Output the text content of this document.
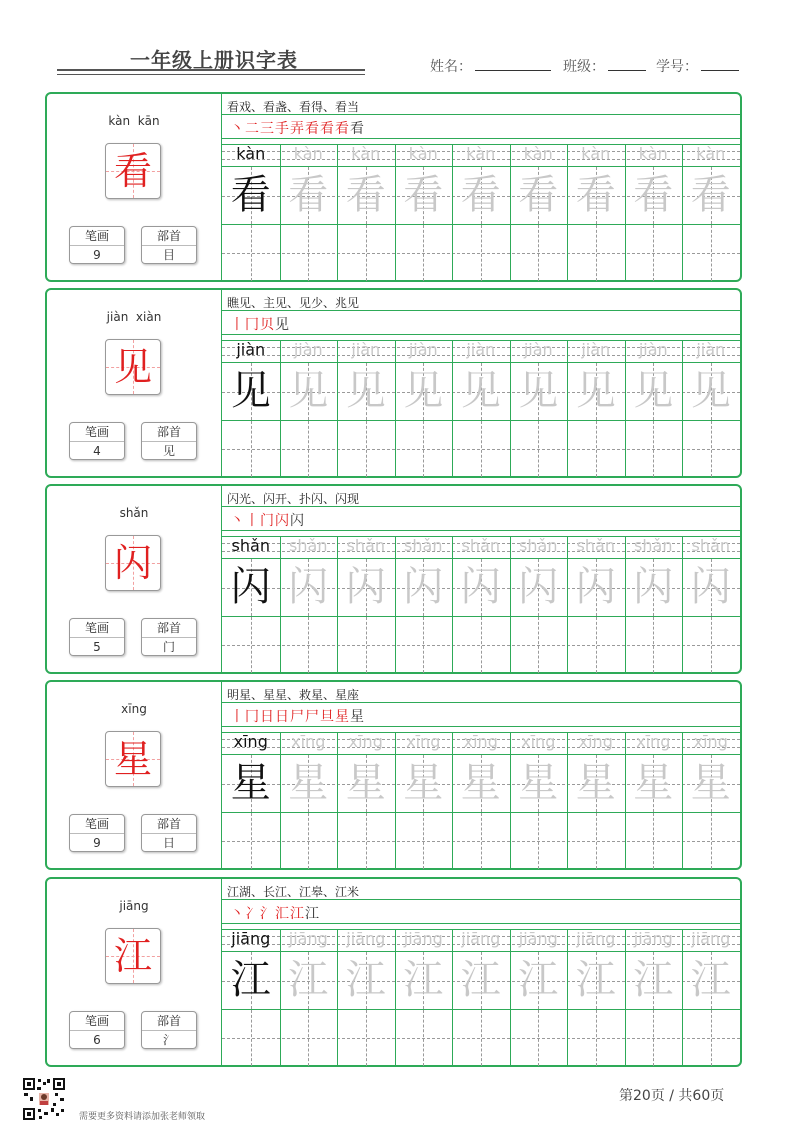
一年级上册识字表	姓名：	班级：	学号：
kàn  kān
看
笔画
9
部首
目
看戏、看盏、看得、看当
丶二三手弄看看看看
kàn	kàn	kàn	kàn	kàn	kàn	kàn	kàn	kàn
看 看 看 看 看 看 看 看 看
jiàn  xiàn
见
笔画
4
部首
见
瞧见、主见、见少、兆见
丨冂贝见
jiàn	jiàn	jiàn	jiàn	jiàn	jiàn	jiàn	jiàn	jiàn
见 见 见 见 见 见 见 见 见
shǎn
闪
笔画
5
部首
门
闪光、闪开、扑闪、闪现
丶丨门闪闪
shǎn	shǎn	shǎn	shǎn	shǎn	shǎn	shǎn	shǎn	shǎn
闪 闪 闪 闪 闪 闪 闪 闪 闪
xīng
星
笔画
9
部首
日
明星、星星、救星、星座
丨冂日日尸尸旦星星
xīng	xīng	xīng	xīng	xīng	xīng	xīng	xīng	xīng
星 星 星 星 星 星 星 星 星
jiāng
江
笔画
6
部首
氵
江湖、长江、江皋、江米
丶冫氵汇江江
jiāng	jiāng	jiāng	jiāng	jiāng	jiāng	jiāng	jiāng	jiāng
江 江 江 江 江 江 江 江 江
需要更多资料请添加张老师领取
第20页 / 共60页
